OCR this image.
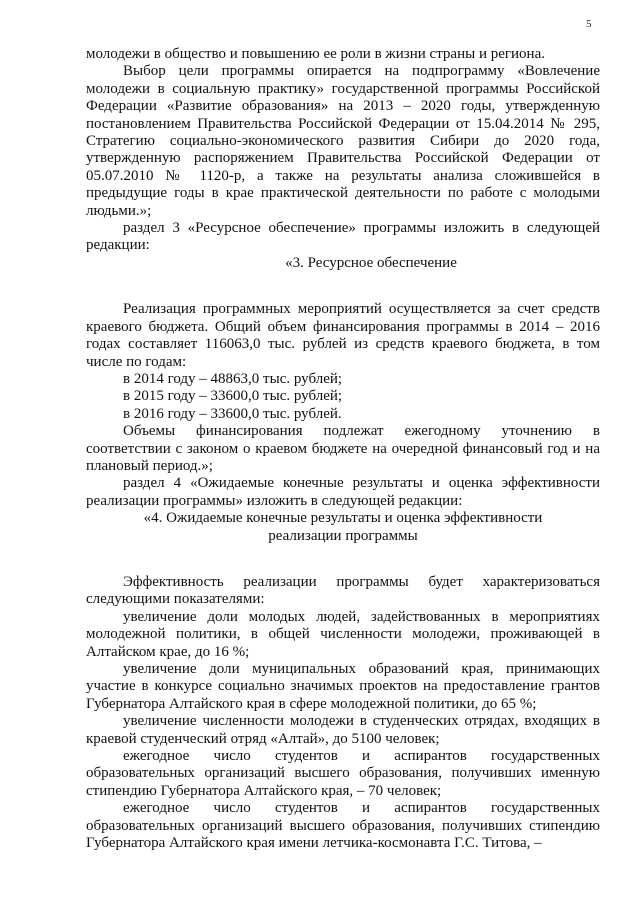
5

молодежи в общество и повышению ее роли в жизни страны и региона.

Выбор цели программы опирается на подпрограмму «Вовлечение молодежи в социальную практику» государственной программы Российской Федерации «Развитие образования» на 2013 – 2020 годы, утвержденную постановлением Правительства Российской Федерации от 15.04.2014 № 295, Стратегию социально-экономического развития Сибири до 2020 года, утвержденную распоряжением Правительства Российской Федерации от 05.07.2010 № 1120-р, а также на результаты анализа сложившейся в предыдущие годы в крае практической деятельности по работе с молодыми людьми.»;

раздел 3 «Ресурсное обеспечение» программы изложить в следующей редакции:

«3. Ресурсное обеспечение

Реализация программных мероприятий осуществляется за счет средств краевого бюджета. Общий объем финансирования программы в 2014 – 2016 годах составляет 116063,0 тыс. рублей из средств краевого бюджета, в том числе по годам:

в 2014 году – 48863,0 тыс. рублей;

в 2015 году – 33600,0 тыс. рублей;

в 2016 году – 33600,0 тыс. рублей.

Объемы финансирования подлежат ежегодному уточнению в соответствии с законом о краевом бюджете на очередной финансовый год и на плановый период.»;

раздел 4 «Ожидаемые конечные результаты и оценка эффективности реализации программы» изложить в следующей редакции:

«4. Ожидаемые конечные результаты и оценка эффективности

реализации программы

Эффективность реализации программы будет характеризоваться следующими показателями:

увеличение доли молодых людей, задействованных в мероприятиях молодежной политики, в общей численности молодежи, проживающей в Алтайском крае, до 16 %;

увеличение доли муниципальных образований края, принимающих участие в конкурсе социально значимых проектов на предоставление грантов Губернатора Алтайского края в сфере молодежной политики, до 65 %;

увеличение численности молодежи в студенческих отрядах, входящих в краевой студенческий отряд «Алтай», до 5100 человек;

ежегодное число студентов и аспирантов государственных образовательных организаций высшего образования, получивших именную стипендию Губернатора Алтайского края, – 70 человек;

ежегодное число студентов и аспирантов государственных образовательных организаций высшего образования, получивших стипендию Губернатора Алтайского края имени летчика-космонавта Г.С. Титова, –
